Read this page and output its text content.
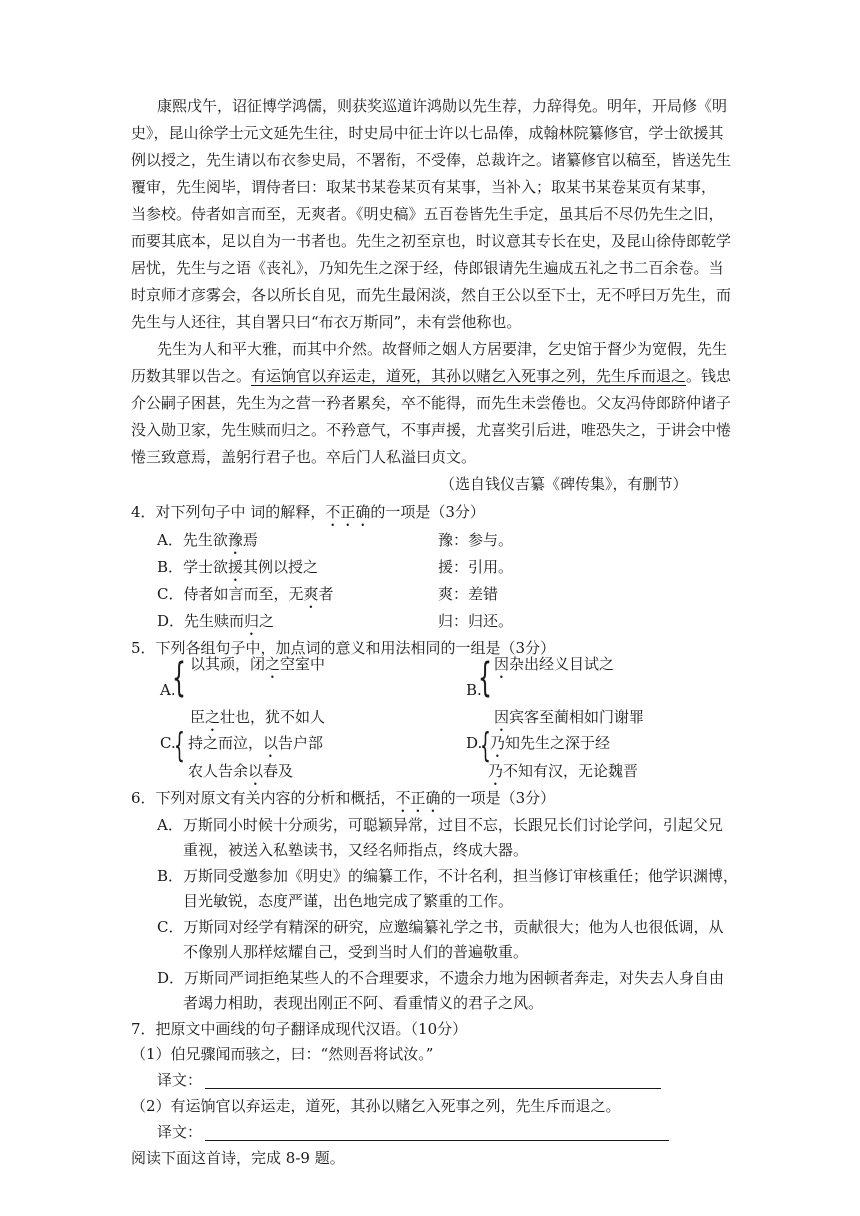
康熙戊午，诏征博学鸿儒，则获奖巡道许鸿勋以先生荐，力辞得免。明年，开局修《明
史》，昆山徐学士元文延先生往，时史局中征士许以七品俸，成翰林院纂修官，学士欲援其
例以授之，先生请以布衣参史局，不署衔，不受俸，总裁许之。诸纂修官以稿至，皆送先生
覆审，先生阅毕，谓侍者曰：取某书某卷某页有某事，当补入；取某书某卷某页有某事，
当参校。侍者如言而至，无爽者。《明史稿》五百卷皆先生手定，虽其后不尽仍先生之旧，
而要其底本，足以自为一书者也。先生之初至京也，时议意其专长在史，及昆山徐侍郎乾学
居忧，先生与之语《丧礼》，乃知先生之深于经，侍郎银请先生遍成五礼之书二百余卷。当
时京师才彦雾会，各以所长自见，而先生最闲淡，然自王公以至下士，无不呼曰万先生，而
先生与人还往，其自署只曰“布衣万斯同”，未有尝他称也。
先生为人和平大雅，而其中介然。故督师之姻人方居要津，乞史馆于督少为宽假，先生
历数其罪以告之。有运饷官以弃运走，道死，其孙以赌乞入死事之列，先生斥而退之。钱忠
介公嗣子困甚，先生为之营一矜者累矣，卒不能得，而先生未尝倦也。父友冯侍郎跻仲诸子
没入勋卫家，先生赎而归之。不矜意气，不事声援，尤喜奖引后进，唯恐失之，于讲会中惓
惓三致意焉，盖躬行君子也。卒后门人私溢曰贞文。
（选自钱仪吉纂《碑传集》，有删节）
4．对下列句子中 词的解释，不正确的一项是（3分）
A．先生欲豫焉	豫：参与。
B．学士欲援其例以授之	援：引用。
C．侍者如言而至，无爽者	爽：差错
D．先生赎而归之	归：归还。
5．下列各组句子中，加点词的意义和用法相同的一组是（3分）
A.
{ 以其顽，闭之空室中
臣之壮也，犹不如人
B.
{ 因杂出经义目试之
因宾客至蔺相如门谢罪
C.
{ 持之而泣，以告户部
农人告余以春及
D.
{ 乃知先生之深于经
乃不知有汉，无论魏晋
6．下列对原文有关内容的分析和概括，不正确的一项是（3分）
A．万斯同小时候十分顽劣，可聪颖异常，过目不忘，长跟兄长们讨论学问，引起父兄
重视，被送入私塾读书，又经名师指点，终成大器。
B．万斯同受邀参加《明史》的编纂工作，不计名利，担当修订审核重任；他学识渊博，
目光敏锐，态度严谨，出色地完成了繁重的工作。
C．万斯同对经学有精深的研究，应邀编纂礼学之书，贡献很大；他为人也很低调，从
不像别人那样炫耀自己，受到当时人们的普遍敬重。
D．万斯同严词拒绝某些人的不合理要求，不遗余力地为困顿者奔走，对失去人身自由
者竭力相助，表现出刚正不阿、看重情义的君子之风。
7．把原文中画线的句子翻译成现代汉语。（10分）
（1）伯兄骤闻而骇之，曰：“然则吾将试汝。”
译文：
（2）有运饷官以弃运走，道死，其孙以赌乞入死事之列，先生斥而退之。
译文：
阅读下面这首诗，完成 8-9 题。
